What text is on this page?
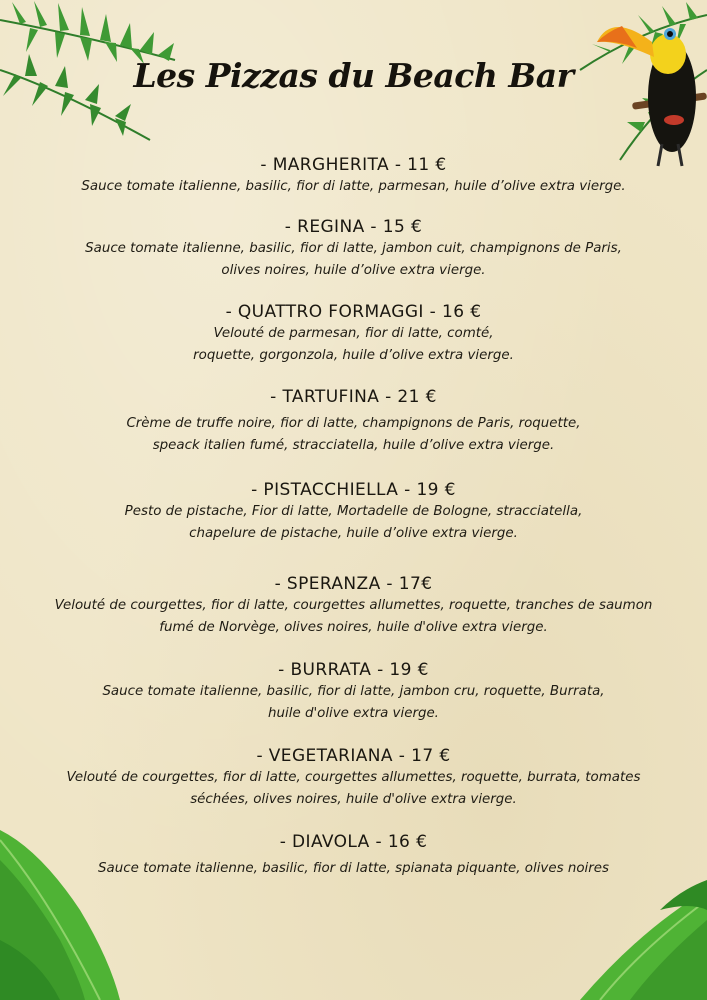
Les Pizzas du Beach Bar
- MARGHERITA - 11 €
Sauce tomate italienne, basilic, fior di latte, parmesan, huile d’olive extra vierge.
- REGINA - 15 €
Sauce tomate italienne, basilic, fior di latte, jambon cuit, champignons de Paris,
olives noires, huile d’olive extra vierge.
- QUATTRO FORMAGGI - 16 €
Velouté de parmesan, fior di latte, comté,
roquette, gorgonzola, huile d’olive extra vierge.
- TARTUFINA - 21 €
Crème de truffe noire, fior di latte, champignons de Paris, roquette,
speack italien fumé, stracciatella, huile d’olive extra vierge.
- PISTACCHIELLA - 19 €
Pesto de pistache, Fior di latte, Mortadelle de Bologne, stracciatella,
chapelure de pistache, huile d’olive extra vierge.
- SPERANZA - 17€
Velouté de courgettes, fior di latte, courgettes allumettes, roquette, tranches de saumon
fumé de Norvège, olives noires, huile d'olive extra vierge.
- BURRATA - 19 €
Sauce tomate italienne, basilic, fior di latte, jambon cru, roquette, Burrata,
huile d'olive extra vierge.
- VEGETARIANA - 17 €
Velouté de courgettes, fior di latte, courgettes allumettes, roquette, burrata, tomates
séchées, olives noires, huile d'olive extra vierge.
- DIAVOLA - 16 €
Sauce tomate italienne, basilic, fior di latte, spianata piquante, olives noires
